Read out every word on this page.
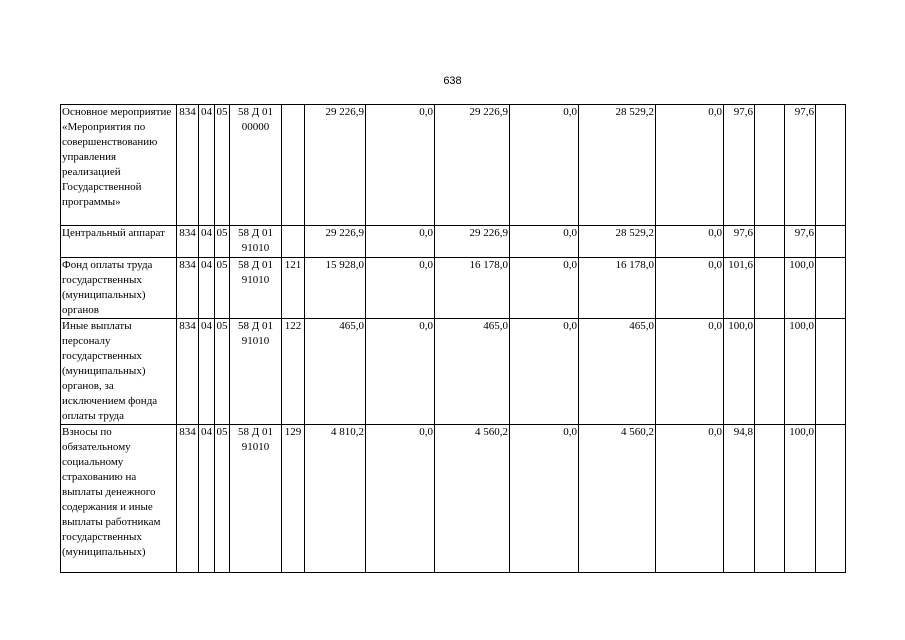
638
Основное мероприятие «Мероприятия по совершенствованию управления реализацией Государственной программы»	834	04	05	58 Д 01 00000		29 226,9	0,0	29 226,9	0,0	28 529,2	0,0	97,6		97,6	
Центральный аппарат	834	04	05	58 Д 01 91010		29 226,9	0,0	29 226,9	0,0	28 529,2	0,0	97,6		97,6	
Фонд оплаты труда государственных (муниципальных) органов	834	04	05	58 Д 01 91010	121	15 928,0	0,0	16 178,0	0,0	16 178,0	0,0	101,6		100,0	
Иные выплаты персоналу государственных (муниципальных) органов, за исключением фонда оплаты труда	834	04	05	58 Д 01 91010	122	465,0	0,0	465,0	0,0	465,0	0,0	100,0		100,0	
Взносы по обязательному социальному страхованию на выплаты денежного содержания и иные выплаты работникам государственных (муниципальных)	834	04	05	58 Д 01 91010	129	4 810,2	0,0	4 560,2	0,0	4 560,2	0,0	94,8		100,0	
